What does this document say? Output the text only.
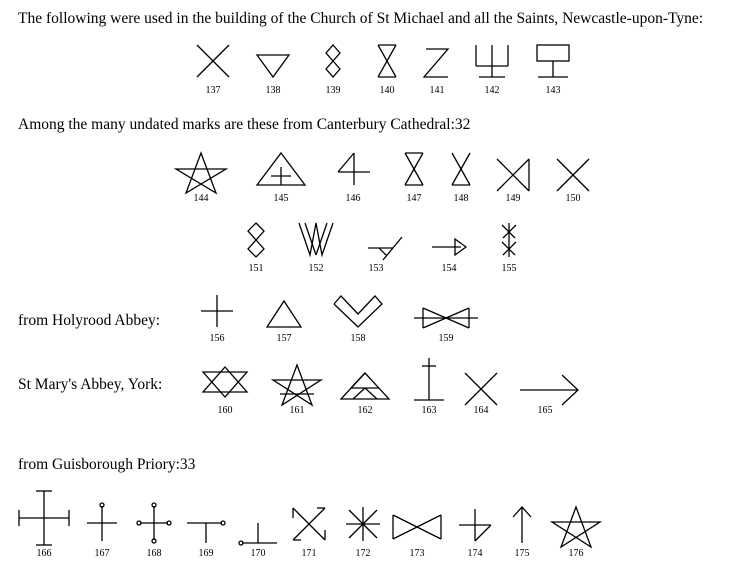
The following were used in the building of the Church of St Michael and all the Saints, Newcastle-upon-Tyne:
Among the many undated marks are these from Canterbury Cathedral:32
from Holyrood Abbey:
St Mary's Abbey, York:
from Guisborough Priory:33
137	138	139	140	141	142	143
144	145	146	147	148	149	150
151	152	153	154	155
156	157	158	159
160	161	162	163	164	165
166	167	168	169	170	171	172	173	174	175	176
